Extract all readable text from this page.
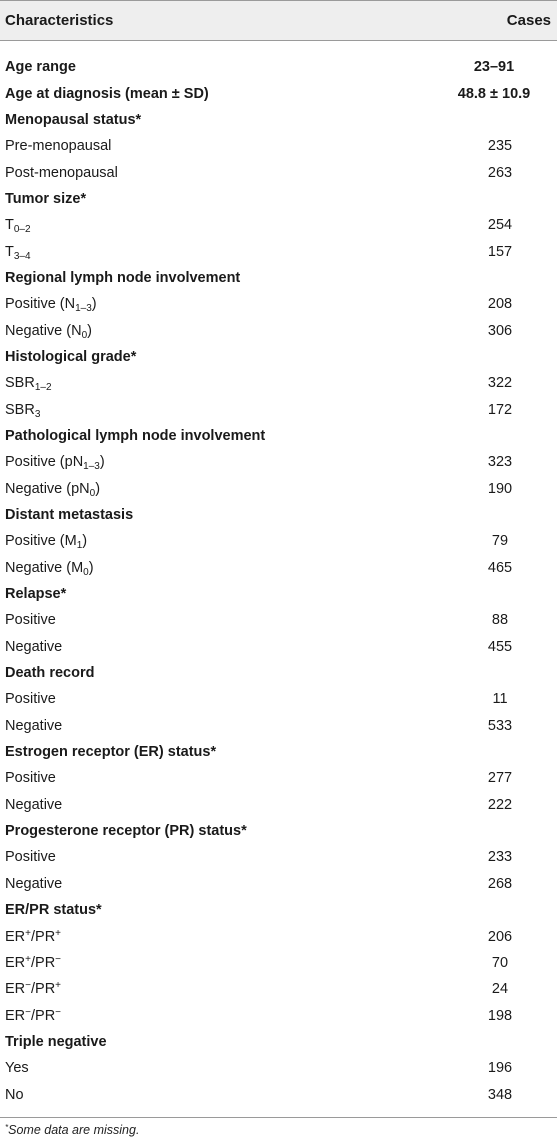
Characteristics	Cases
Age range	23–91
Age at diagnosis (mean ± SD)	48.8 ± 10.9
Menopausal status*
Pre-menopausal	235
Post-menopausal	263
Tumor size*
$T_{0-2}$	254
$T_{3-4}$	157
Regional lymph node involvement
Positive $(N_{1-3})$	208
Negative $(N_0)$	306
Histological grade*
$SBR_{1-2}$	322
$SBR_3$	172
Pathological lymph node involvement
Positive $(pN_{1-3})$	323
Negative $(pN_0)$	190
Distant metastasis
Positive $(M_1)$	79
Negative $(M_0)$	465
Relapse*
Positive	88
Negative	455
Death record
Positive	11
Negative	533
Estrogen receptor (ER) status*
Positive	277
Negative	222
Progesterone receptor (PR) status*
Positive	233
Negative	268
ER/PR status*
ER+/PR+	206
ER+/PR−	70
ER−/PR+	24
ER−/PR−	198
Triple negative
Yes	196
No	348
*Some data are missing.
